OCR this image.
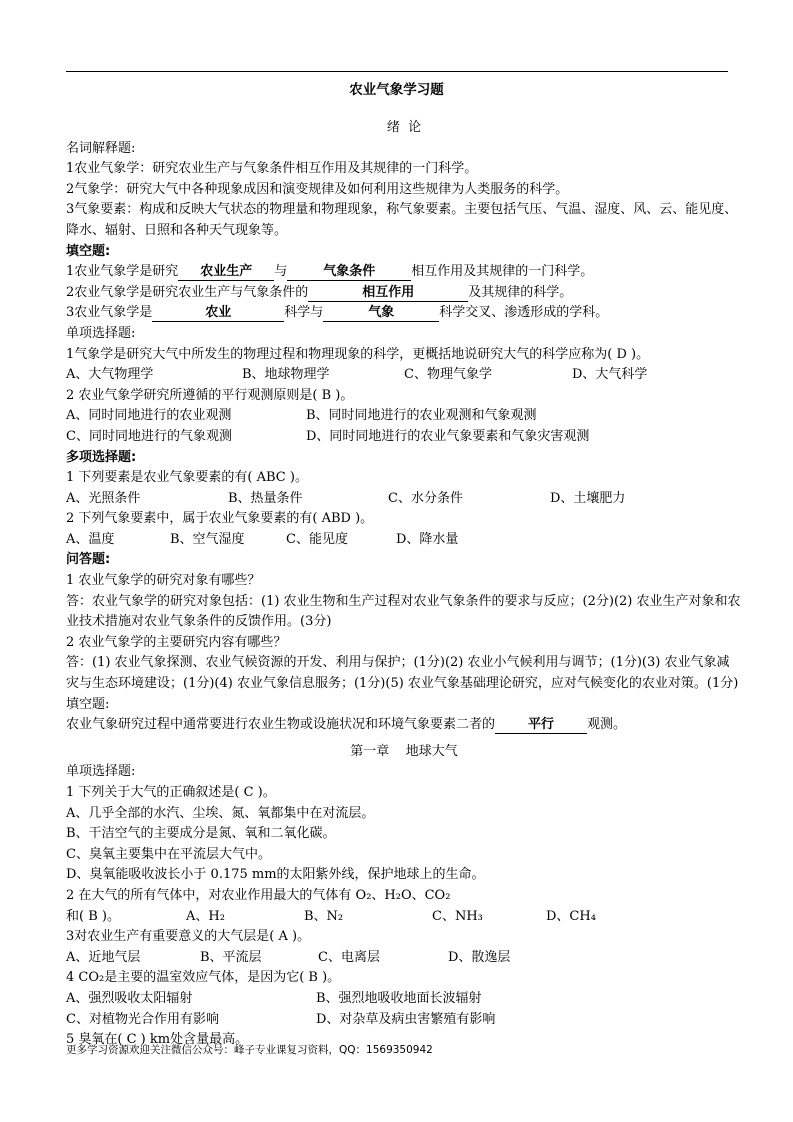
农业气象学习题
绪  论
名词解释题:
1农业气象学：研究农业生产与气象条件相互作用及其规律的一门科学。
2气象学：研究大气中各种现象成因和演变规律及如何利用这些规律为人类服务的科学。
3气象要素：构成和反映大气状态的物理量和物理现象，称气象要素。主要包括气压、气温、湿度、风、云、能见度、降水、辐射、日照和各种天气现象等。
填空题:
1农业气象学是研究 农业生产 与	气象条件	相互作用及其规律的一门科学。
2农业气象学是研究农业生产与气象条件的	相互作用	及其规律的科学。
3农业气象学是	农业	科学与	气象	科学交叉、渗透形成的学科。
单项选择题:
1气象学是研究大气中所发生的物理过程和物理现象的科学，更概括地说研究大气的科学应称为( D )。
A、大气物理学	B、地球物理学	C、物理气象学	D、大气科学
2 农业气象学研究所遵循的平行观测原则是( B )。
A、同时同地进行的农业观测	B、同时同地进行的农业观测和气象观测
C、同时同地进行的气象观测	D、同时同地进行的农业气象要素和气象灾害观测
多项选择题:
1 下列要素是农业气象要素的有( ABC )。
A、光照条件	B、热量条件	C、水分条件	D、土壤肥力
2 下列气象要素中，属于农业气象要素的有( ABD )。
A、温度	B、空气湿度	C、能见度	D、降水量
问答题:
1 农业气象学的研究对象有哪些？
答：农业气象学的研究对象包括：(1) 农业生物和生产过程对农业气象条件的要求与反应；(2分)(2) 农业生产对象和农业技术措施对农业气象条件的反馈作用。(3分)
2 农业气象学的主要研究内容有哪些？
答：(1) 农业气象探测、农业气候资源的开发、利用与保护；(1分)(2) 农业小气候利用与调节；(1分)(3) 农业气象减灾与生态环境建设；(1分)(4) 农业气象信息服务；(1分)(5) 农业气象基础理论研究，应对气候变化的农业对策。(1分)
填空题:
农业气象研究过程中通常要进行农业生物或设施状况和环境气象要素二者的	平行	观测。
第一章    地球大气
单项选择题:
1 下列关于大气的正确叙述是( C )。
A、几乎全部的水汽、尘埃、氮、氧都集中在对流层。
B、干洁空气的主要成分是氮、氧和二氧化碳。
C、臭氧主要集中在平流层大气中。
D、臭氧能吸收波长小于 0.175 mm的太阳紫外线，保护地球上的生命。
2 在大气的所有气体中，对农业作用最大的气体有 O₂、H₂O、CO₂
和( B )。	A、H₂	B、N₂	C、NH₃	D、CH₄
3对农业生产有重要意义的大气层是( A )。
A、近地气层	B、平流层	C、电离层	D、散逸层
4 CO₂是主要的温室效应气体，是因为它( B )。
A、强烈吸收太阳辐射	B、强烈地吸收地面长波辐射
C、对植物光合作用有影响	D、对杂草及病虫害繁殖有影响
5 臭氧在( C ) km处含量最高。
更多学习资源欢迎关注微信公众号：峰子专业课复习资料，QQ：1569350942
